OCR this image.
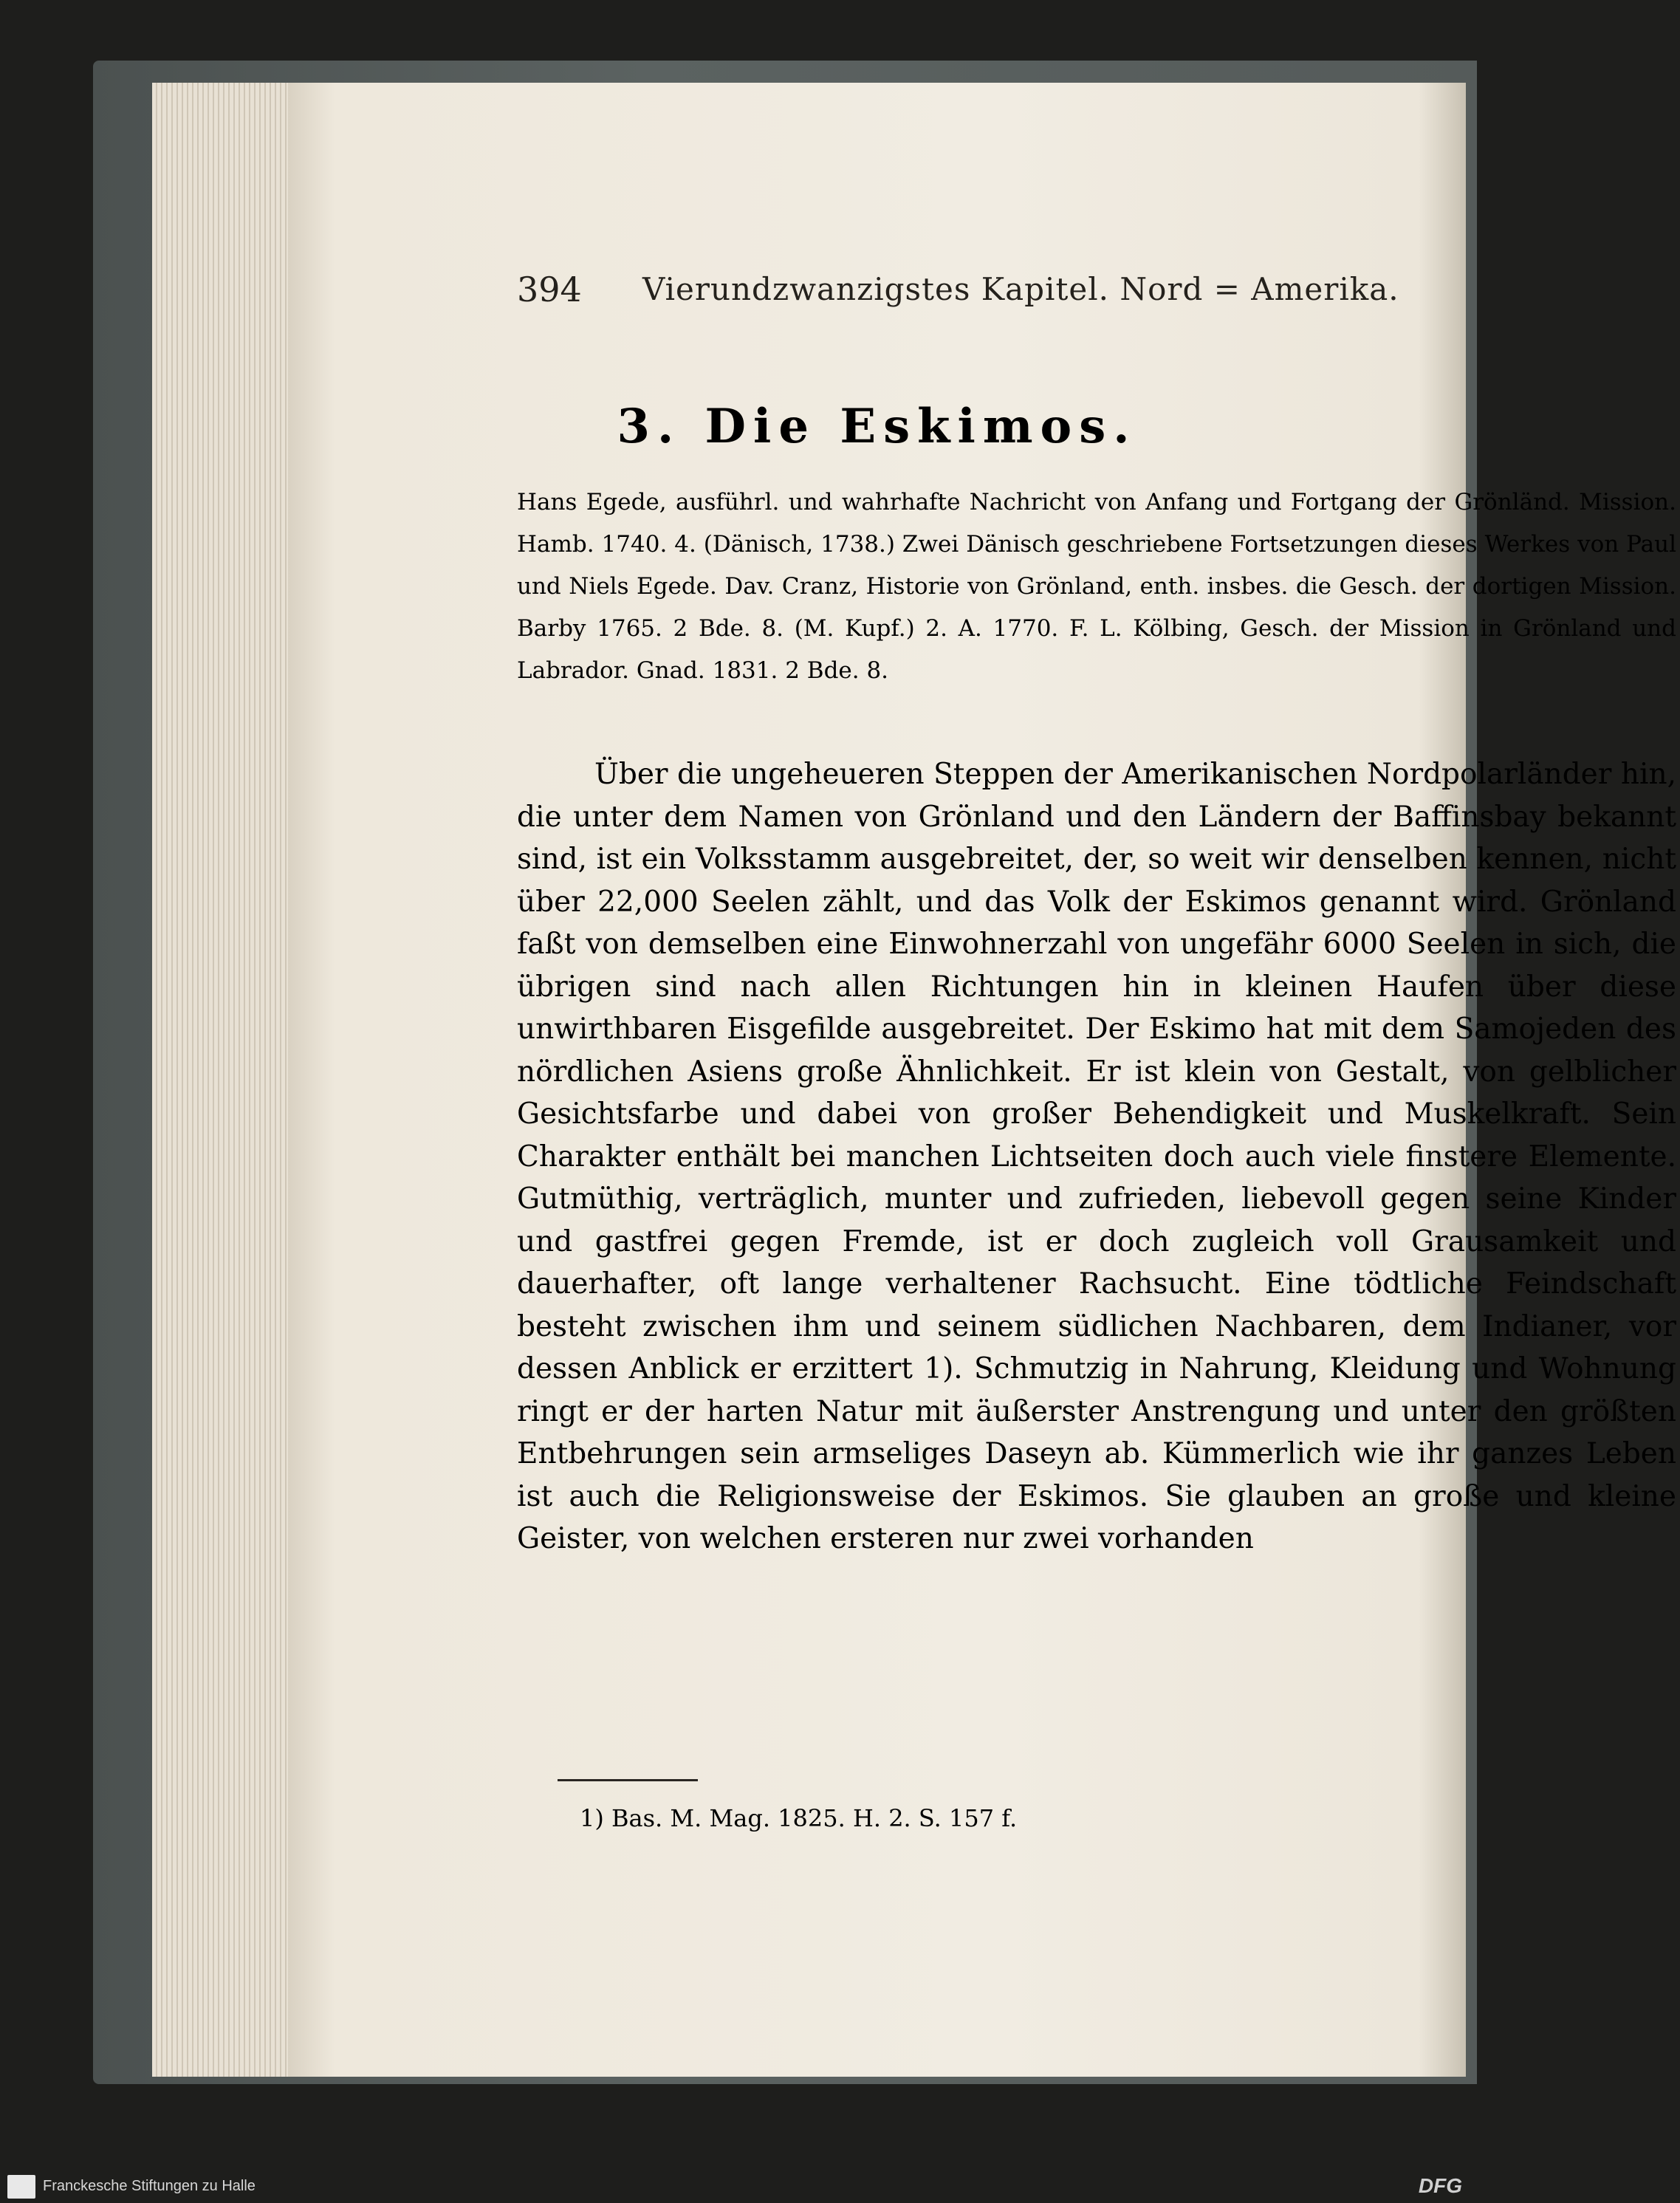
394 Vierundzwanzigstes Kapitel. Nord = Amerika.
3. Die Eskimos.
Hans Egede, ausführl. und wahrhafte Nachricht von Anfang und Fortgang der Grönländ. Mission. Hamb. 1740. 4. (Dänisch, 1738.) Zwei Dänisch geschriebene Fortsetzungen dieses Werkes von Paul und Niels Egede. Dav. Cranz, Historie von Grönland, enth. insbes. die Gesch. der dortigen Mission. Barby 1765. 2 Bde. 8. (M. Kupf.) 2. A. 1770. F. L. Kölbing, Gesch. der Mission in Grönland und Labrador. Gnad. 1831. 2 Bde. 8.
Über die ungeheueren Steppen der Amerikanischen Nordpolarländer hin, die unter dem Namen von Grönland und den Ländern der Baffinsbay bekannt sind, ist ein Volksstamm ausgebreitet, der, so weit wir denselben kennen, nicht über 22,000 Seelen zählt, und das Volk der Eskimos genannt wird. Grönland faßt von demselben eine Einwohnerzahl von ungefähr 6000 Seelen in sich, die übrigen sind nach allen Richtungen hin in kleinen Haufen über diese unwirthbaren Eisgefilde ausgebreitet. Der Eskimo hat mit dem Samojeden des nördlichen Asiens große Ähnlichkeit. Er ist klein von Gestalt, von gelblicher Gesichtsfarbe und dabei von großer Behendigkeit und Muskelkraft. Sein Charakter enthält bei manchen Lichtseiten doch auch viele finstere Elemente. Gutmüthig, verträglich, munter und zufrieden, liebevoll gegen seine Kinder und gastfrei gegen Fremde, ist er doch zugleich voll Grausamkeit und dauerhafter, oft lange verhaltener Rachsucht. Eine tödtliche Feindschaft besteht zwischen ihm und seinem südlichen Nachbaren, dem Indianer, vor dessen Anblick er erzittert 1). Schmutzig in Nahrung, Kleidung und Wohnung ringt er der harten Natur mit äußerster Anstrengung und unter den größten Entbehrungen sein armseliges Daseyn ab. Kümmerlich wie ihr ganzes Leben ist auch die Religionsweise der Eskimos. Sie glauben an große und kleine Geister, von welchen ersteren nur zwei vorhanden
1) Bas. M. Mag. 1825. H. 2. S. 157 f.
Franckesche Stiftungen zu Halle	DFG
